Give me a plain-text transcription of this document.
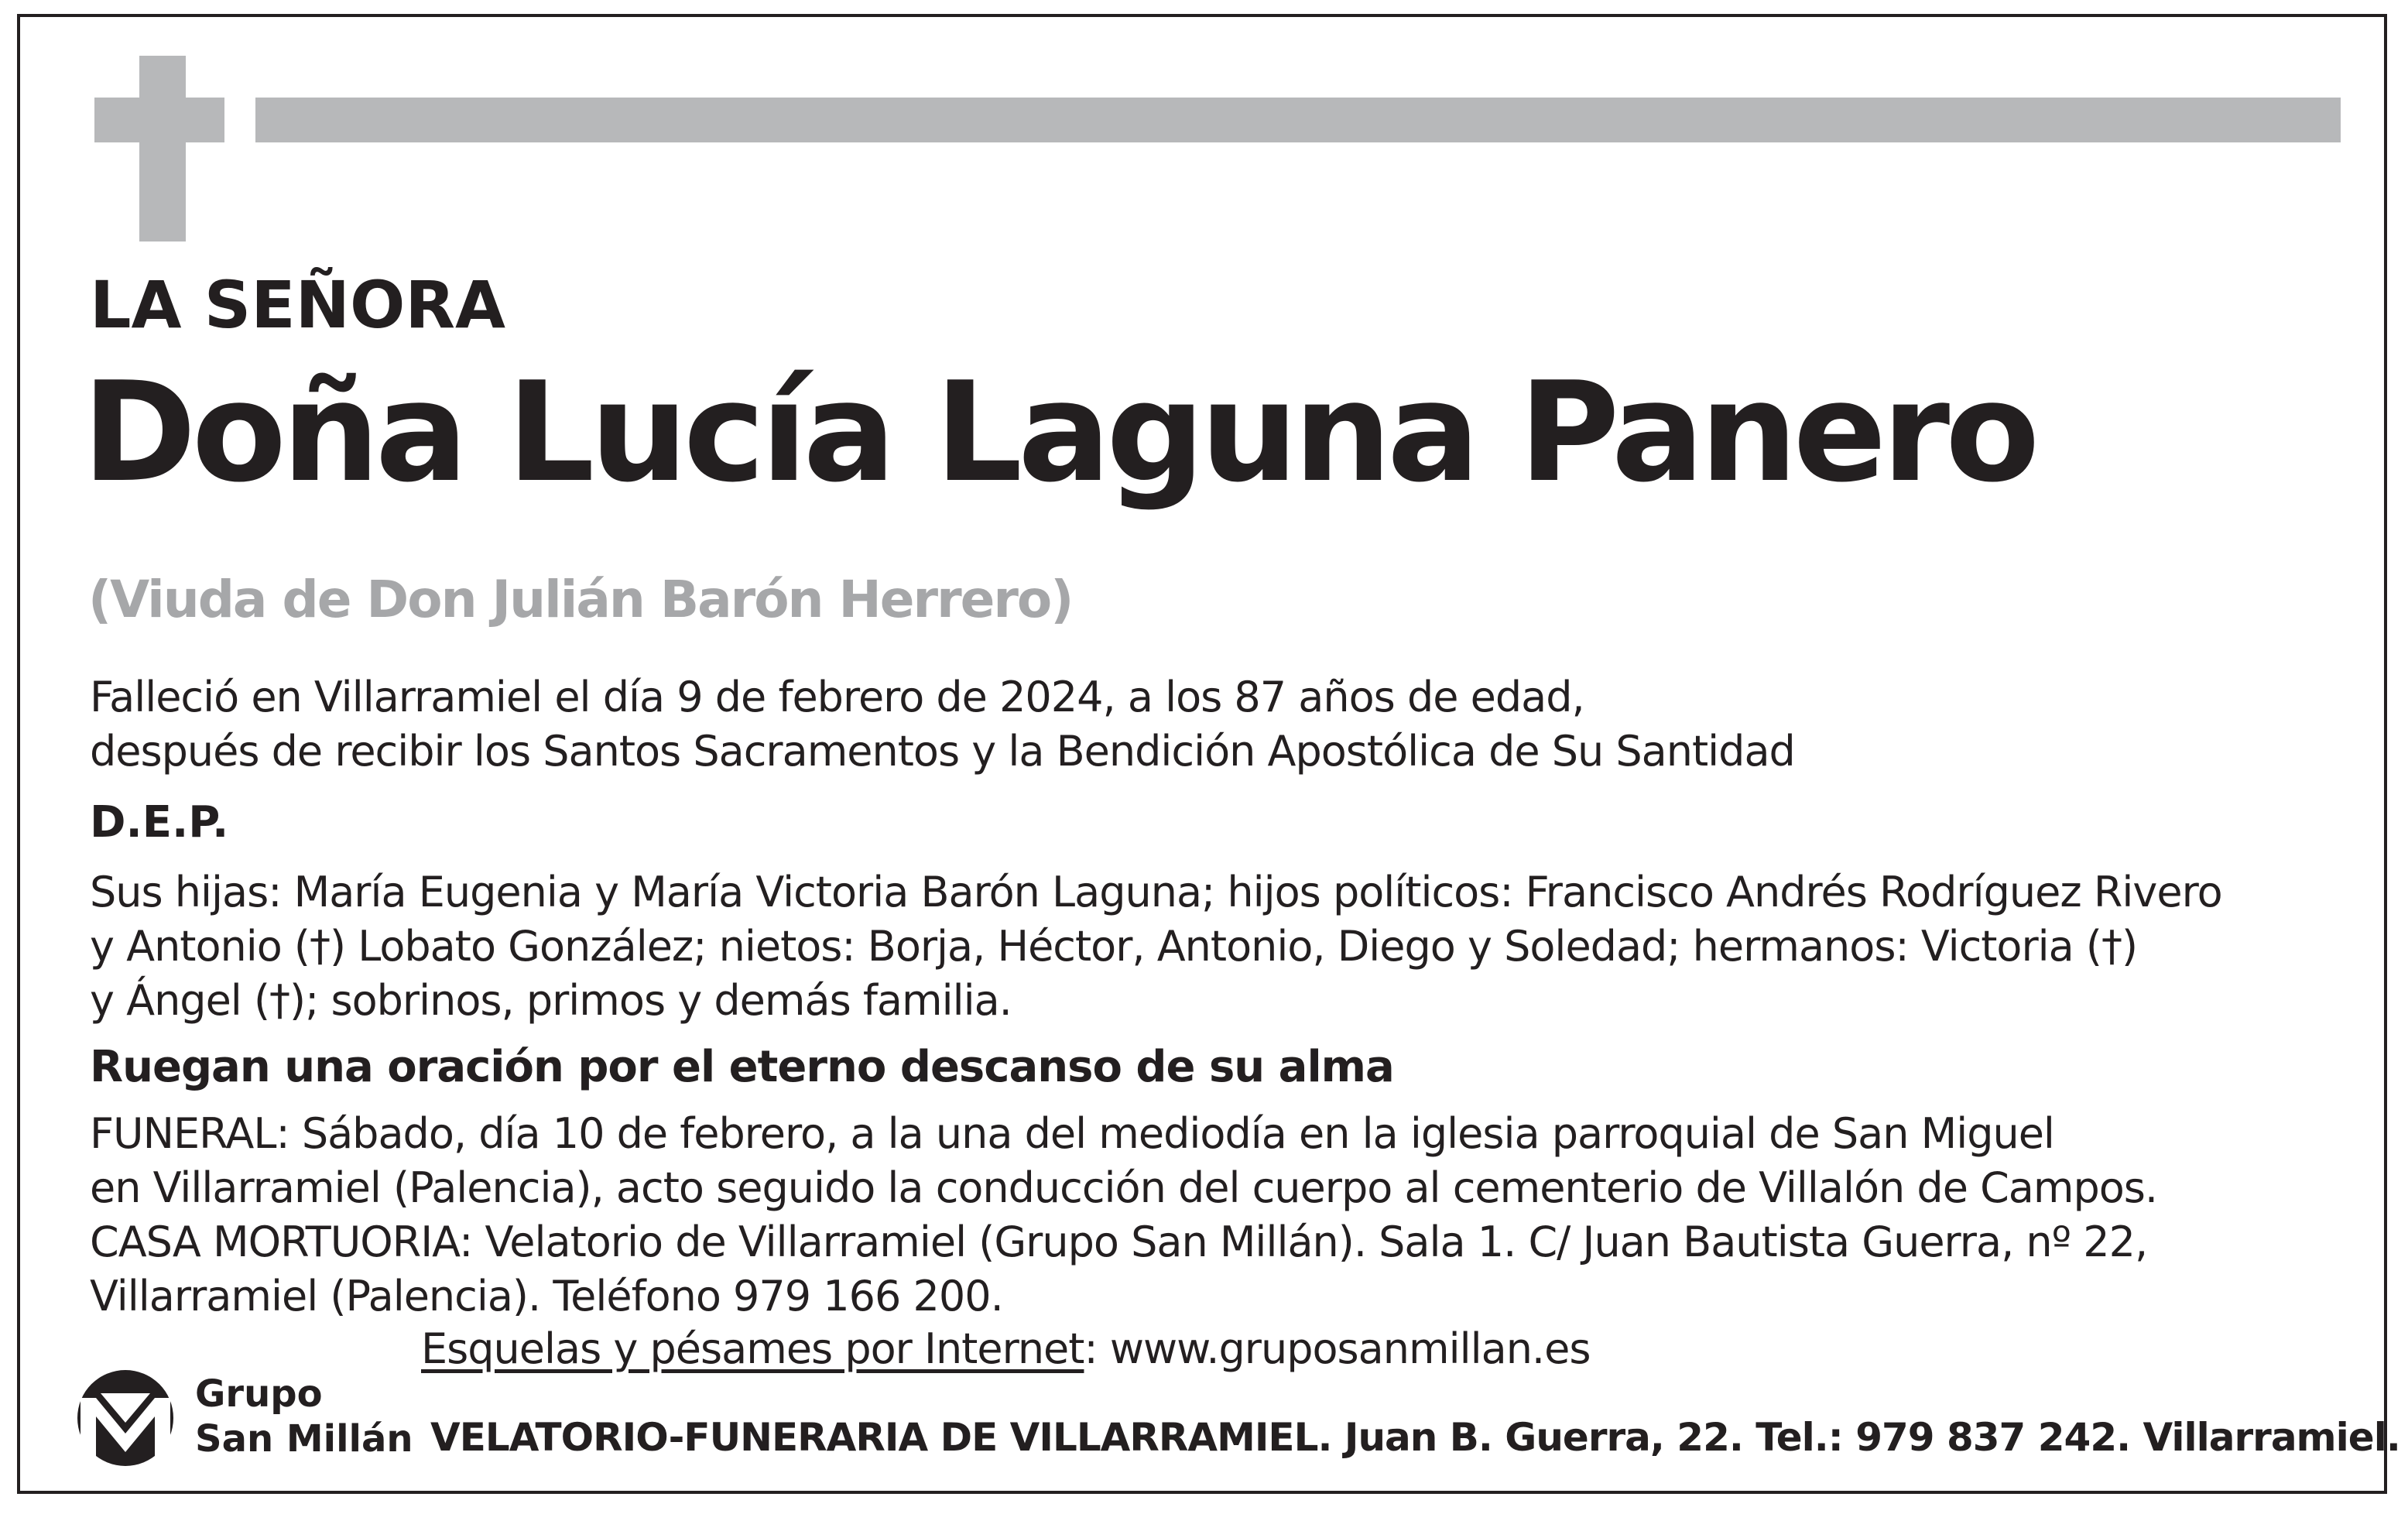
LA SEÑORA
Doña Lucía Laguna Panero
(Viuda de Don Julián Barón Herrero)
Falleció en Villarramiel el día 9 de febrero de 2024, a los 87 años de edad,
después de recibir los Santos Sacramentos y la Bendición Apostólica de Su Santidad
D.E.P.
Sus hijas: María Eugenia y María Victoria Barón Laguna; hijos políticos: Francisco Andrés Rodríguez Rivero
y Antonio (†) Lobato González; nietos: Borja, Héctor, Antonio, Diego y Soledad; hermanos: Victoria (†)
y Ángel (†); sobrinos, primos y demás familia.
Ruegan una oración por el eterno descanso de su alma
FUNERAL: Sábado, día 10 de febrero, a la una del mediodía en la iglesia parroquial de San Miguel
en Villarramiel (Palencia), acto seguido la conducción del cuerpo al cementerio de Villalón de Campos.
CASA MORTUORIA: Velatorio de Villarramiel (Grupo San Millán). Sala 1. C/ Juan Bautista Guerra, nº 22,
Villarramiel (Palencia). Teléfono 979 166 200.
Esquelas y pésames por Internet: www.gruposanmillan.es
Grupo
San Millán VELATORIO-FUNERARIA DE VILLARRAMIEL. Juan B. Guerra, 22. Tel.: 979 837 242. Villarramiel.
